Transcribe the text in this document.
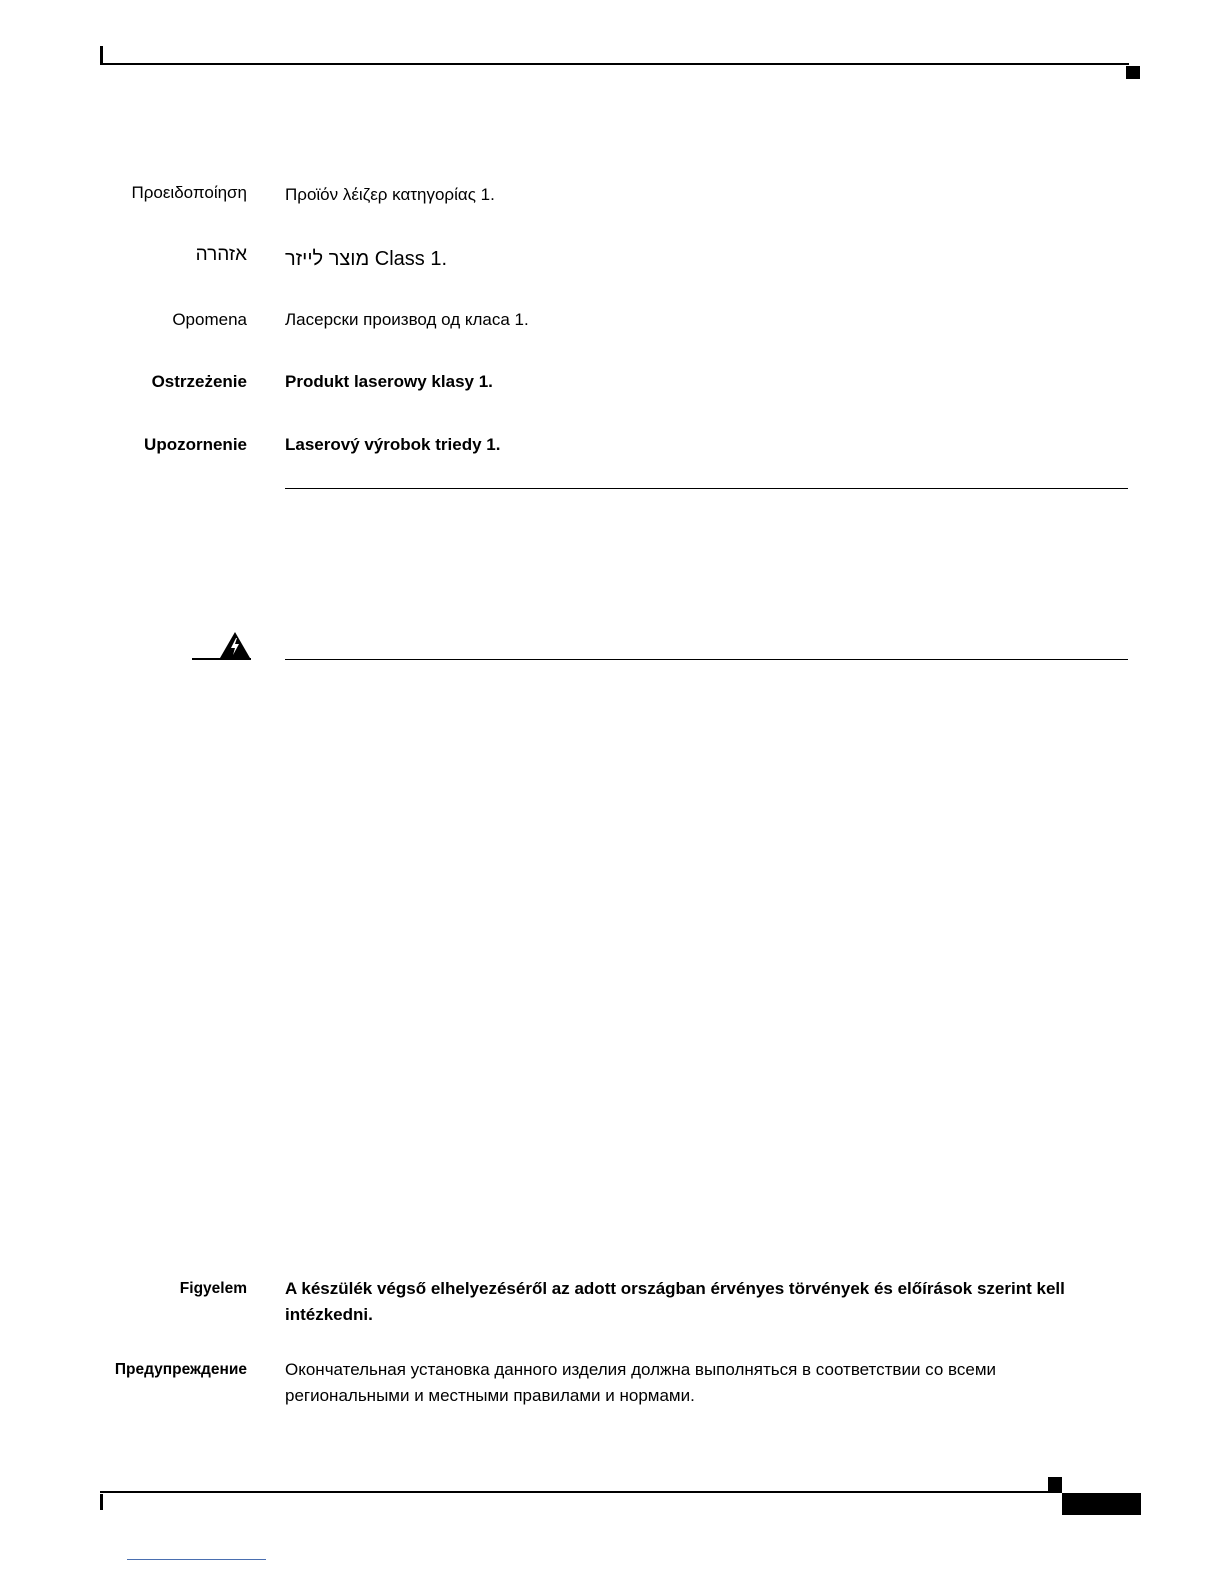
Προειδοποίηση Προϊόν λέιζερ κατηγορίας 1.
אזהרה .Class 1 מוצר לייזר
Opomena Ласерски производ од класа 1.
Ostrzeżenie Produkt laserowy klasy 1.
Upozornenie Laserový výrobok triedy 1.
Figyelem A készülék végső elhelyezéséről az adott országban érvényes törvények és előírások szerint kell intézkedni.
Предупреждение Окончательная установка данного изделия должна выполняться в соответствии со всеми региональными и местными правилами и нормами.
